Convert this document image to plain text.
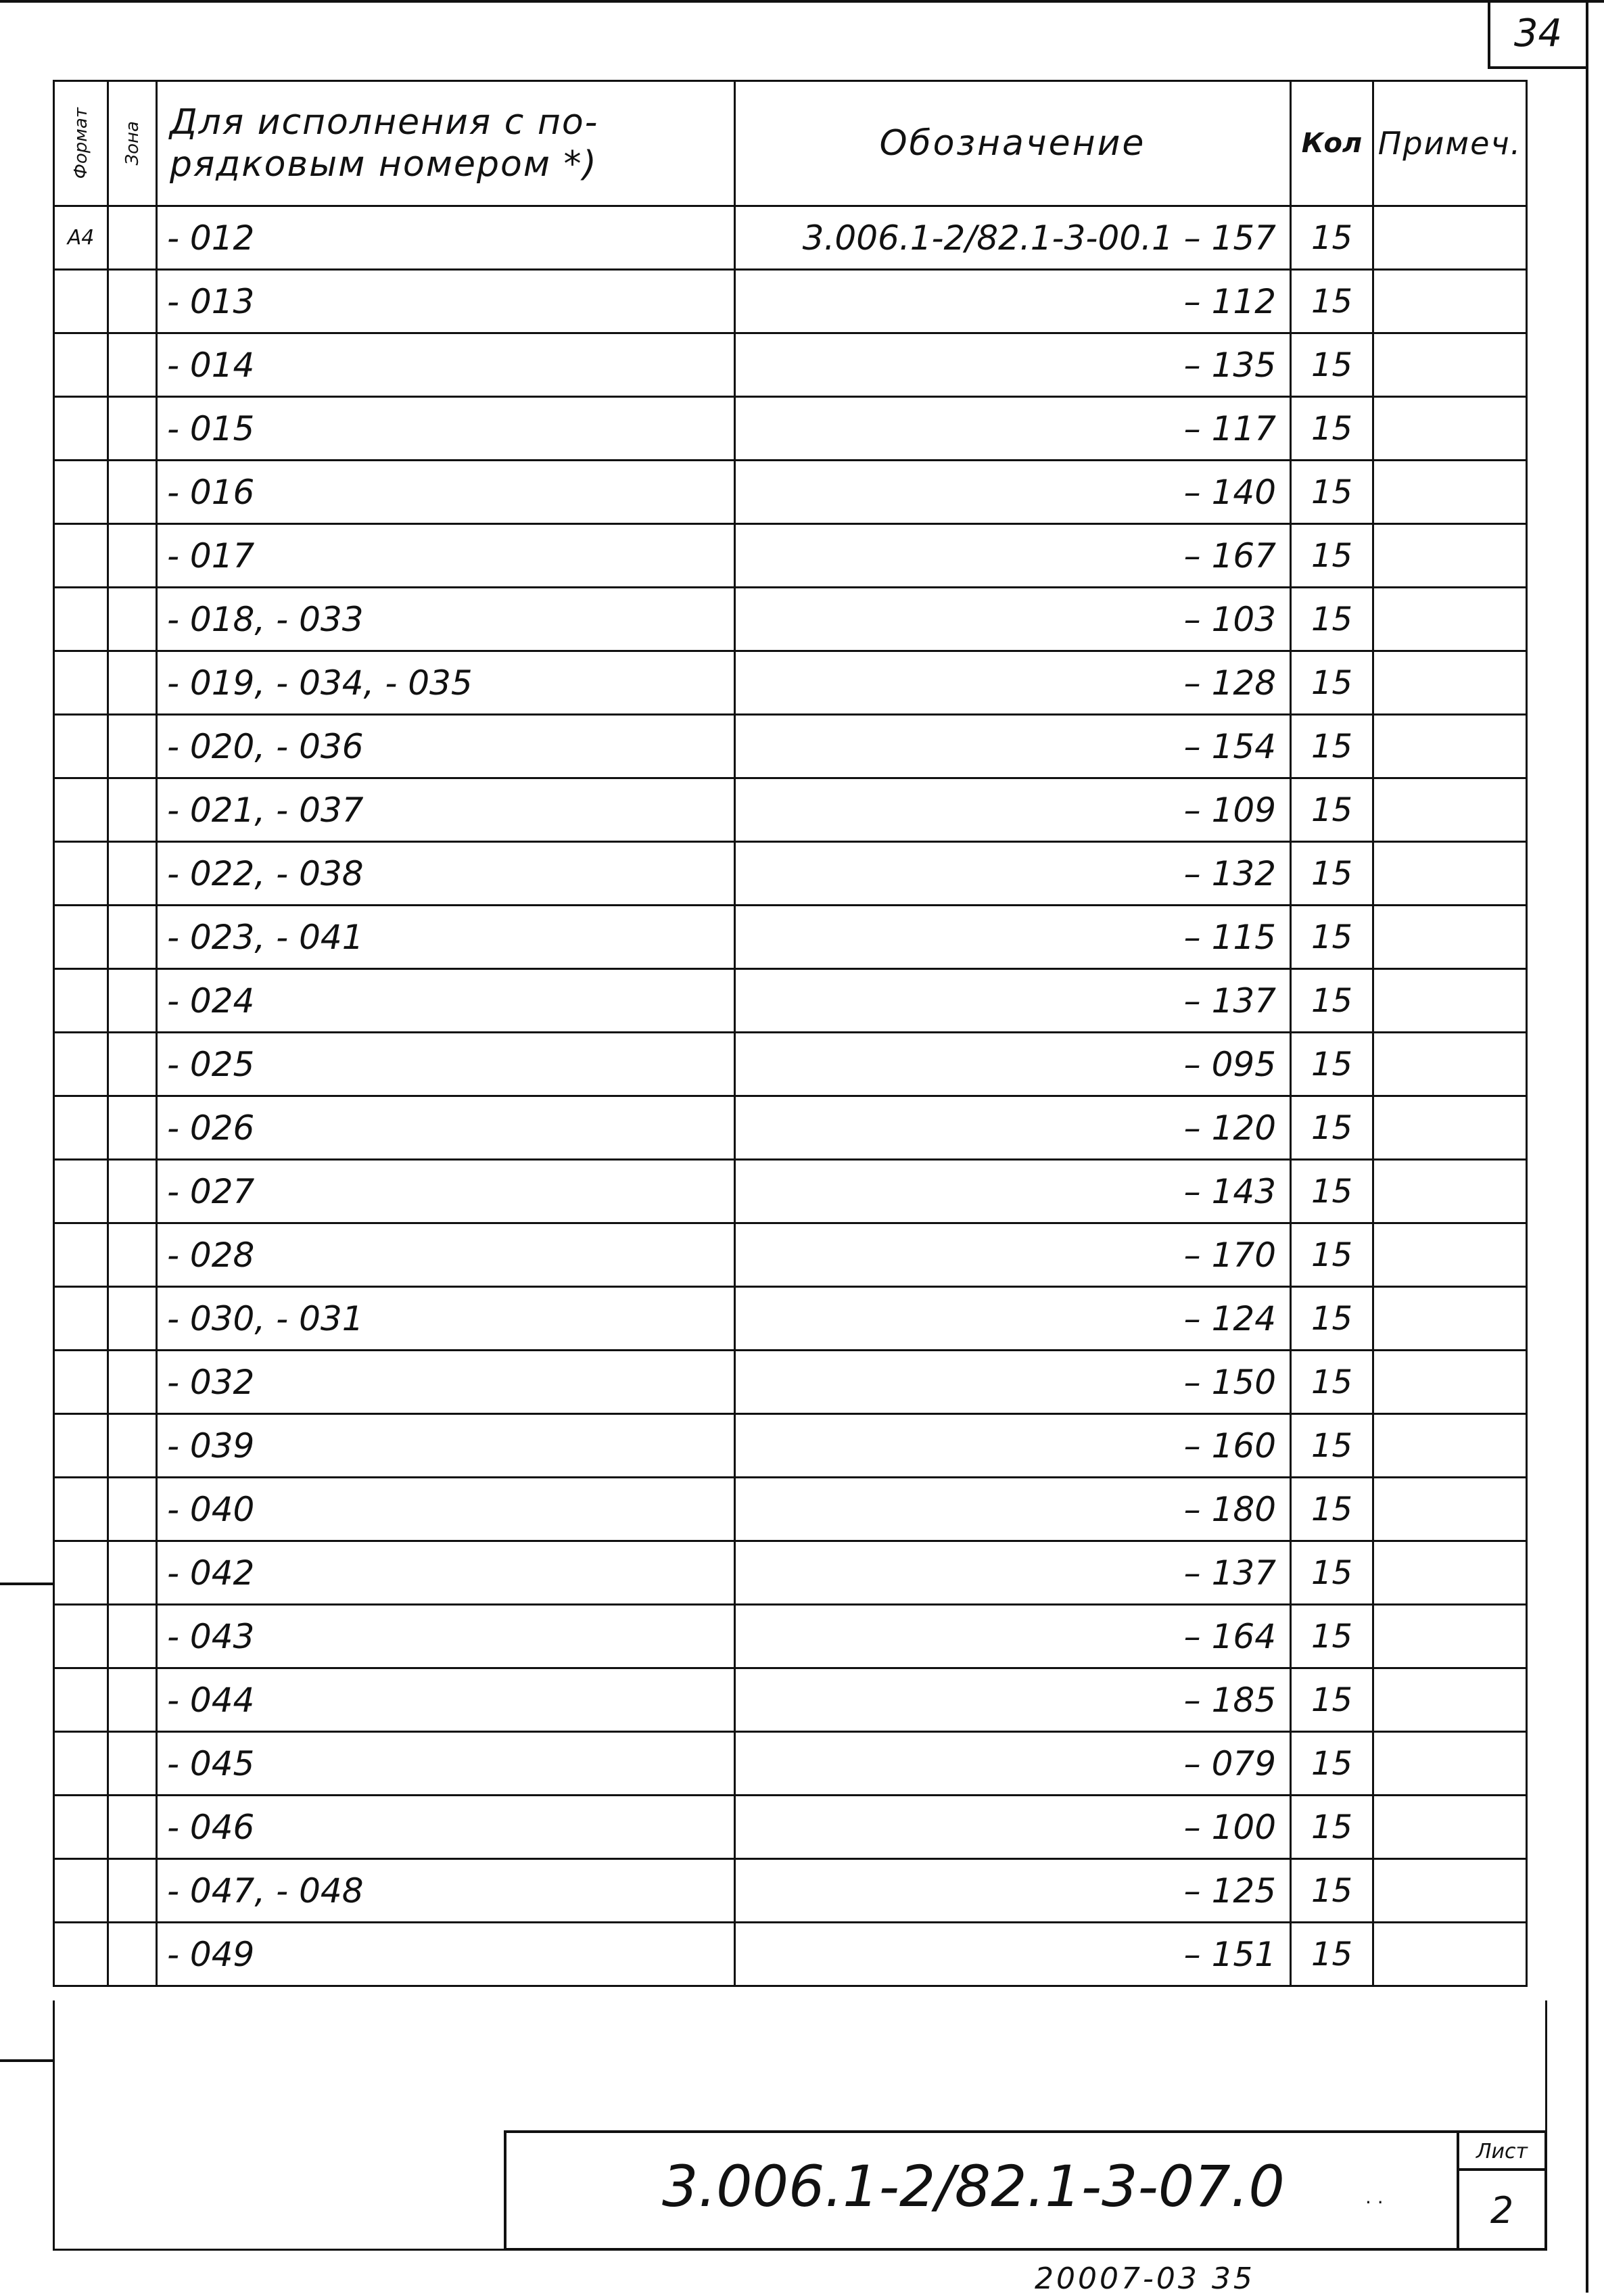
34
Формат	Зона	Для исполнения с по- рядковым номером *)	Обозначение	Кол	Примеч.
А4		- 012	3.006.1-2/82.1-3-00.1 – 157	15	
		- 013	– 112	15	
		- 014	– 135	15	
		- 015	– 117	15	
		- 016	– 140	15	
		- 017	– 167	15	
		- 018, - 033	– 103	15	
		- 019, - 034, - 035	– 128	15	
		- 020, - 036	– 154	15	
		- 021, - 037	– 109	15	
		- 022, - 038	– 132	15	
		- 023, - 041	– 115	15	
		- 024	– 137	15	
		- 025	– 095	15	
		- 026	– 120	15	
		- 027	– 143	15	
		- 028	– 170	15	
		- 030, - 031	– 124	15	
		- 032	– 150	15	
		- 039	– 160	15	
		- 040	– 180	15	
		- 042	– 137	15	
		- 043	– 164	15	
		- 044	– 185	15	
		- 045	– 079	15	
		- 046	– 100	15	
		- 047, - 048	– 125	15	
		- 049	– 151	15	
3.006.1-2/82.1-3-07.0	. .
Лист
2
20007-03 35
